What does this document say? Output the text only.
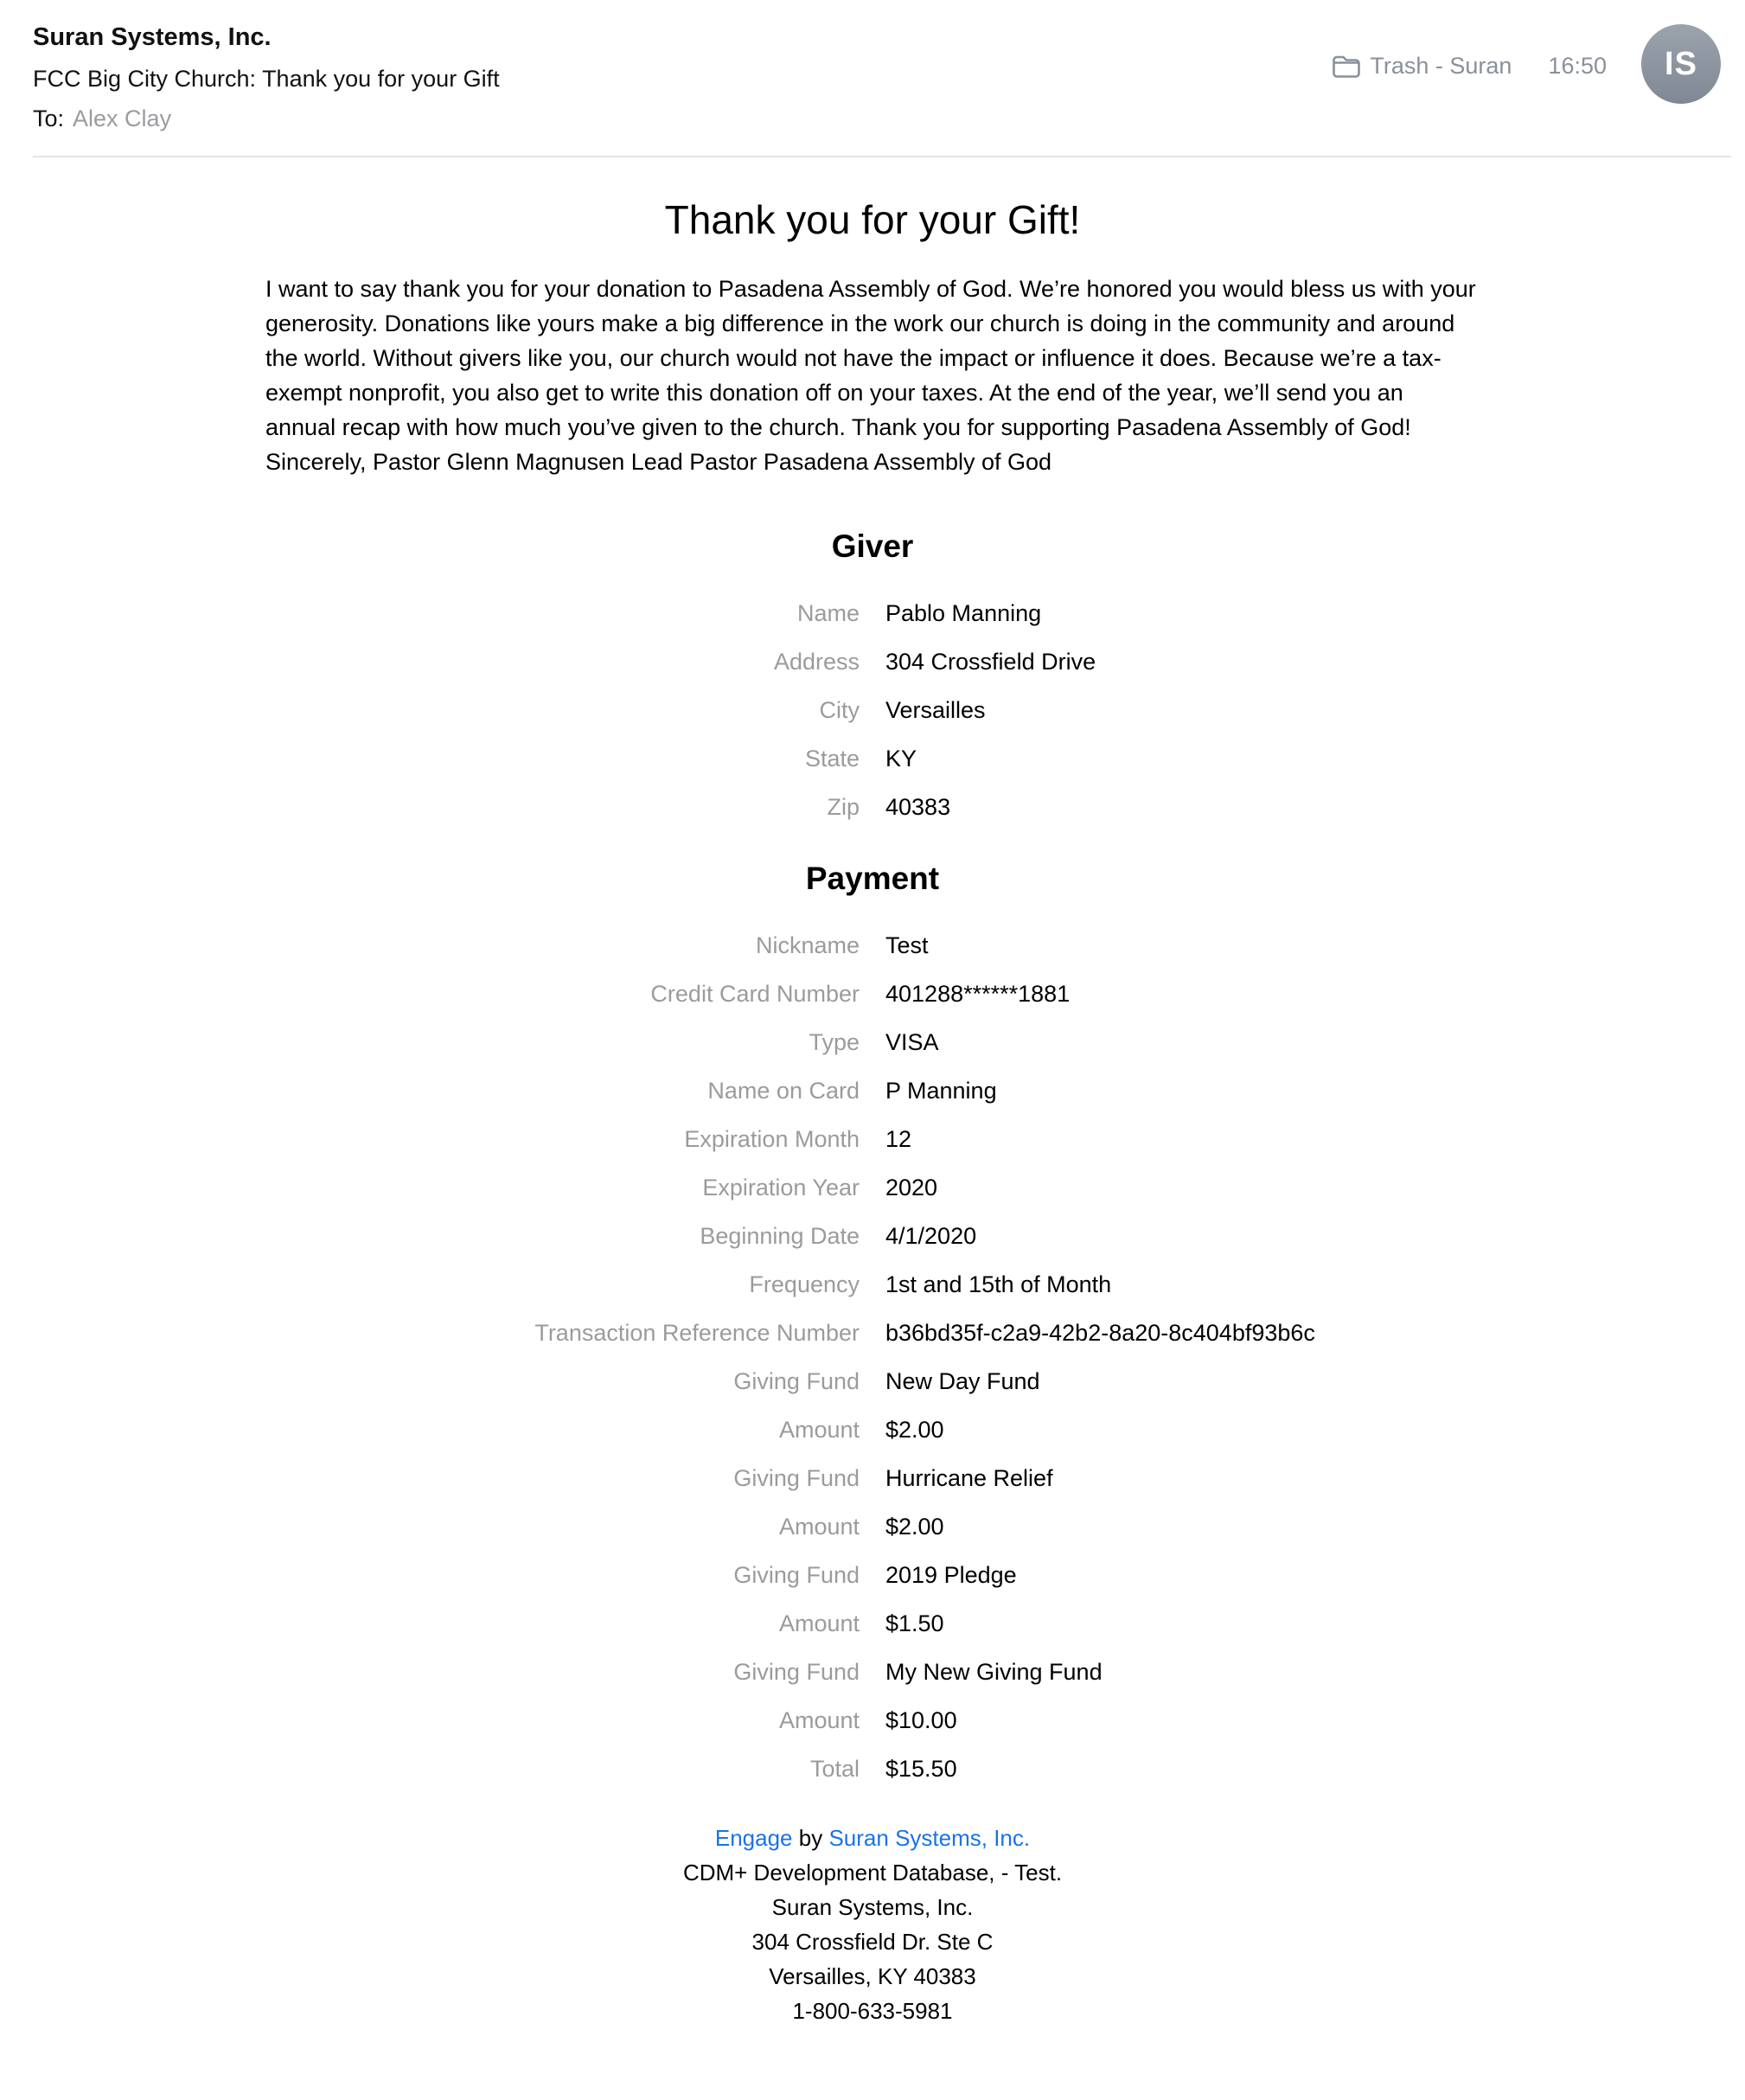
Suran Systems, Inc.
FCC Big City Church: Thank you for your Gift
To: Alex Clay
Trash - Suran 16:50	IS
Thank you for your Gift!

I want to say thank you for your donation to Pasadena Assembly of God. We’re honored you would bless us with your generosity. Donations like yours make a big difference in the work our church is doing in the community and around the world. Without givers like you, our church would not have the impact or influence it does. Because we’re a tax-exempt nonprofit, you also get to write this donation off on your taxes. At the end of the year, we’ll send you an annual recap with how much you’ve given to the church. Thank you for supporting Pasadena Assembly of God! Sincerely, Pastor Glenn Magnusen Lead Pastor Pasadena Assembly of God

Giver
Name Pablo Manning
Address 304 Crossfield Drive
City Versailles
State KY
Zip 40383
Payment
Nickname Test
Credit Card Number 401288******1881
Type VISA
Name on Card P Manning
Expiration Month 12
Expiration Year 2020
Beginning Date 4/1/2020
Frequency 1st and 15th of Month
Transaction Reference Number b36bd35f-c2a9-42b2-8a20-8c404bf93b6c
Giving Fund New Day Fund
Amount $2.00
Giving Fund Hurricane Relief
Amount $2.00
Giving Fund 2019 Pledge
Amount $1.50
Giving Fund My New Giving Fund
Amount $10.00
Total $15.50
Engage by Suran Systems, Inc.
CDM+ Development Database, - Test.
Suran Systems, Inc.
304 Crossfield Dr. Ste C
Versailles, KY 40383
1-800-633-5981
